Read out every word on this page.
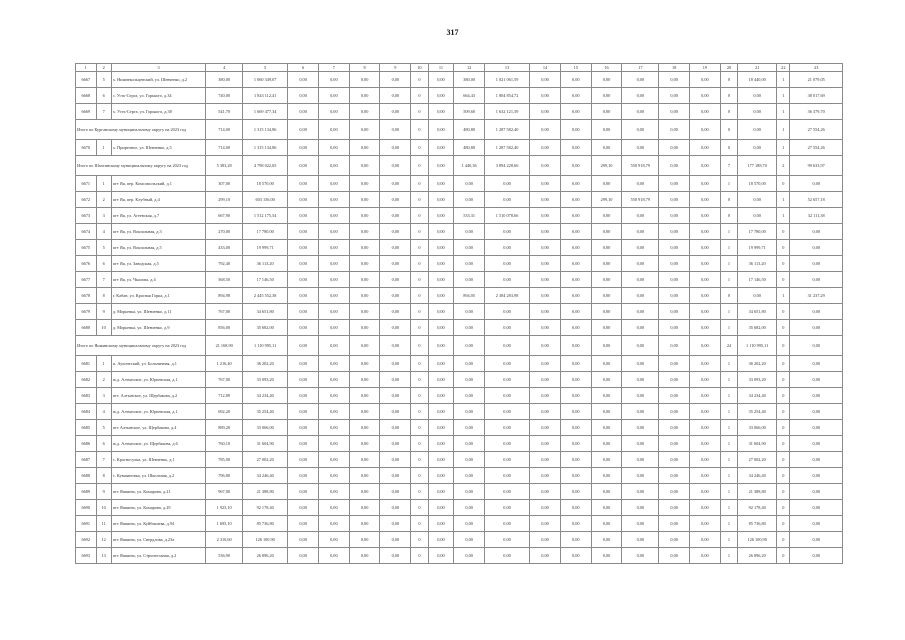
317
1	2	3	4	5	6	7	8	9	10	11	12	13	14	15	16	17	18	19	20	21	22	23
6667	5	х. Нижнекольцевский, ул. Шевченко, д.2	380,00	1 060 349,07	0,00	0,00	0,00	0,00	0	0,00	380,00	1 021 061,59	0,00	0,00	0,00	0,00	0,00	0,00	0	18 440,00	1	21 079,05
6668	6	с. Усть-Серга, ул. Горького, д.34	740,00	1 843 112,41	0,00	0,00	0,00	0,00	0	0,00	664,43	1 804 854,72	0,00	0,00	0,00	0,00	0,00	0,00	0	0,00	1	38 017,69
6669	7	х. Усть-Серга, ул. Горького, д.38	541,70	1 669 477,34	0,00	0,00	0,00	0,00	0	0,00	509,60	1 632 121,39	0,00	0,00	0,00	0,00	0,00	0,00	0	0,00	1	36 379,70
Итого по Курганскому муниципальному округу на 2023 год			714,00	1 315 134,86	0,00	0,00	0,00	0,00	0	0,00	480,80	1 287 582,40	0,00	0,00	0,00	0,00	0,00	0,00	0	0,00	1	27 554,26
6670	1	х. Приречное, ул. Шевченко, д.5	714,00	1 315 134,86	0,00	0,00	0,00	0,00	0	0,00	480,80	1 287 582,40	0,00	0,00	0,00	0,00	0,00	0,00	0	0,00	1	27 554,26
Итого по Шахтинскому муниципальному округу на 2023 год			5 383,28	4 798 022,65	0,00	0,00	0,00	0,00	0	0,00	1 440,36	3 894 228,66	0,00	0,00	299,10	550 918,79	0,00	0,00	7	177 188,70	2	99 633,97
6671	1	пгт Яя, пер. Комсомольский, д.1	307,00	18 570,00	0,00	0,00	0,00	0,00	0	0,00	0,00	0,00	0,00	0,00	0,00	0,00	0,00	0,00	1	18 570,00	0	0,00
6672	2	пгт Яя, пер. Клубный, д.4	299,10	603 156,00	0,00	0,00	0,00	0,00	0	0,00	0,00	0,00	0,00	0,00	299,10	550 918,79	0,00	0,00	0	0,00	1	52 657,18
6673	3	пгт Яя, ул. Агеевская, д.7	667,90	1 512 175,54	0,00	0,00	0,00	0,00	0	0,00	533,31	1 510 078,66	0,00	0,00	0,00	0,00	0,00	0,00	0	0,00	1	32 111,38
6674	4	пгт Яя, ул. Вокзальная, д.3	270,00	17 780,00	0,00	0,00	0,00	0,00	0	0,00	0,00	0,00	0,00	0,00	0,00	0,00	0,00	0,00	1	17 780,00	0	0,00
6675	5	пгт Яя, ул. Вокзальная, д.5	433,00	19 999,71	0,00	0,00	0,00	0,00	0	0,00	0,00	0,00	0,00	0,00	0,00	0,00	0,00	0,00	1	19 999,71	0	0,00
6676	6	пгт Яя, ул. Заводская, д.5	792,40	36 113,20	0,00	0,00	0,00	0,00	0	0,00	0,00	0,00	0,00	0,00	0,00	0,00	0,00	0,00	1	36 113,20	0	0,00
6677	7	пгт Яя, ул. Чкалова, д.4	368,50	17 146,50	0,00	0,00	0,00	0,00	0	0,00	0,00	0,00	0,00	0,00	0,00	0,00	0,00	0,00	1	17 146,50	0	0,00
6678	8	г. Кабан, ул. Красная Горка, д.1	894,98	2 445 552,38	0,00	0,00	0,00	0,00	0	0,00	894,05	2 384 283,98	0,00	0,00	0,00	0,00	0,00	0,00	0	0,00	1	31 237,29
6679	9	д. Морьевка, ул. Шевченко, д.11	767,00	34 651,80	0,00	0,00	0,00	0,00	0	0,00	0,00	0,00	0,00	0,00	0,00	0,00	0,00	0,00	1	34 651,80	0	0,00
6680	10	д. Морьевка, ул. Шевченко, д.9	856,00	35 682,00	0,00	0,00	0,00	0,00	0	0,00	0,00	0,00	0,00	0,00	0,00	0,00	0,00	0,00	1	35 682,00	0	0,00
Итого по Яшкинскому муниципальному округу на 2023 год			21 168,90	1 110 995,11	0,00	0,00	0,00	0,00	0	0,00	0,00	0,00	0,00	0,00	0,00	0,00	0,00	0,00	24	1 110 995,11	0	0,00
6681	1	п. Аулический, ул. Больничная, д.1	1 216,40	36 202,20	0,00	0,00	0,00	0,00	0	0,00	0,00	0,00	0,00	0,00	0,00	0,00	0,00	0,00	1	36 202,20	0	0,00
6682	2	ж.д. Алтынское, ул. Юрьевская, д.1	767,00	33 093,20	0,00	0,00	0,00	0,00	0	0,00	0,00	0,00	0,00	0,00	0,00	0,00	0,00	0,00	1	33 093,20	0	0,00
6683	3	пгт. Алтынское, ул. Щербакова, д.2	712,89	34 234,40	0,00	0,00	0,00	0,00	0	0,00	0,00	0,00	0,00	0,00	0,00	0,00	0,00	0,00	1	34 234,40	0	0,00
6684	4	ж.д. Алтынское, ул. Юрьевская, д.1	692,20	35 254,40	0,00	0,00	0,00	0,00	0	0,00	0,00	0,00	0,00	0,00	0,00	0,00	0,00	0,00	1	35 254,40	0	0,00
6685	5	пгт Алтынское, ул. Щербакова, д.4	889,20	33 066,00	0,00	0,00	0,00	0,00	0	0,00	0,00	0,00	0,00	0,00	0,00	0,00	0,00	0,00	1	33 066,00	0	0,00
6686	6	ж.д. Алтынское, ул. Щербакова, д.6	760,10	31 604,90	0,00	0,00	0,00	0,00	0	0,00	0,00	0,00	0,00	0,00	0,00	0,00	0,00	0,00	1	31 604,90	0	0,00
6687	7	с. Красносулка, ул. Шевченко, д.1	785,00	27 002,20	0,00	0,00	0,00	0,00	0	0,00	0,00	0,00	0,00	0,00	0,00	0,00	0,00	0,00	1	27 002,20	0	0,00
6688	8	с. Кувшиновка, ул. Школьная, д.2	796,80	34 246,40	0,00	0,00	0,00	0,00	0	0,00	0,00	0,00	0,00	0,00	0,00	0,00	0,00	0,00	1	34 246,40	0	0,00
6689	9	пгт Яшкино, ул. Комарова, д.21	967,00	21 388,80	0,00	0,00	0,00	0,00	0	0,00	0,00	0,00	0,00	0,00	0,00	0,00	0,00	0,00	1	21 388,80	0	0,00
6690	10	пгт Яшкино, ул. Комарова, д.29	1 923,10	92 178,40	0,00	0,00	0,00	0,00	0	0,00	0,00	0,00	0,00	0,00	0,00	0,00	0,00	0,00	1	92 178,40	0	0,00
6691	11	пгт Яшкино, ул. Куйбышева, д.94	1 695,10	85 736,80	0,00	0,00	0,00	0,00	0	0,00	0,00	0,00	0,00	0,00	0,00	0,00	0,00	0,00	1	85 736,80	0	0,00
6692	12	пгт Яшкино, ул. Свердлова, д.23а	2 310,60	126 100,90	0,00	0,00	0,00	0,00	0	0,00	0,00	0,00	0,00	0,00	0,00	0,00	0,00	0,00	1	126 100,90	0	0,00
6693	13	пгт Яшкино, ул. Строительная, д.2	536,90	26 896,20	0,00	0,00	0,00	0,00	0	0,00	0,00	0,00	0,00	0,00	0,00	0,00	0,00	0,00	1	26 896,20	0	0,00
